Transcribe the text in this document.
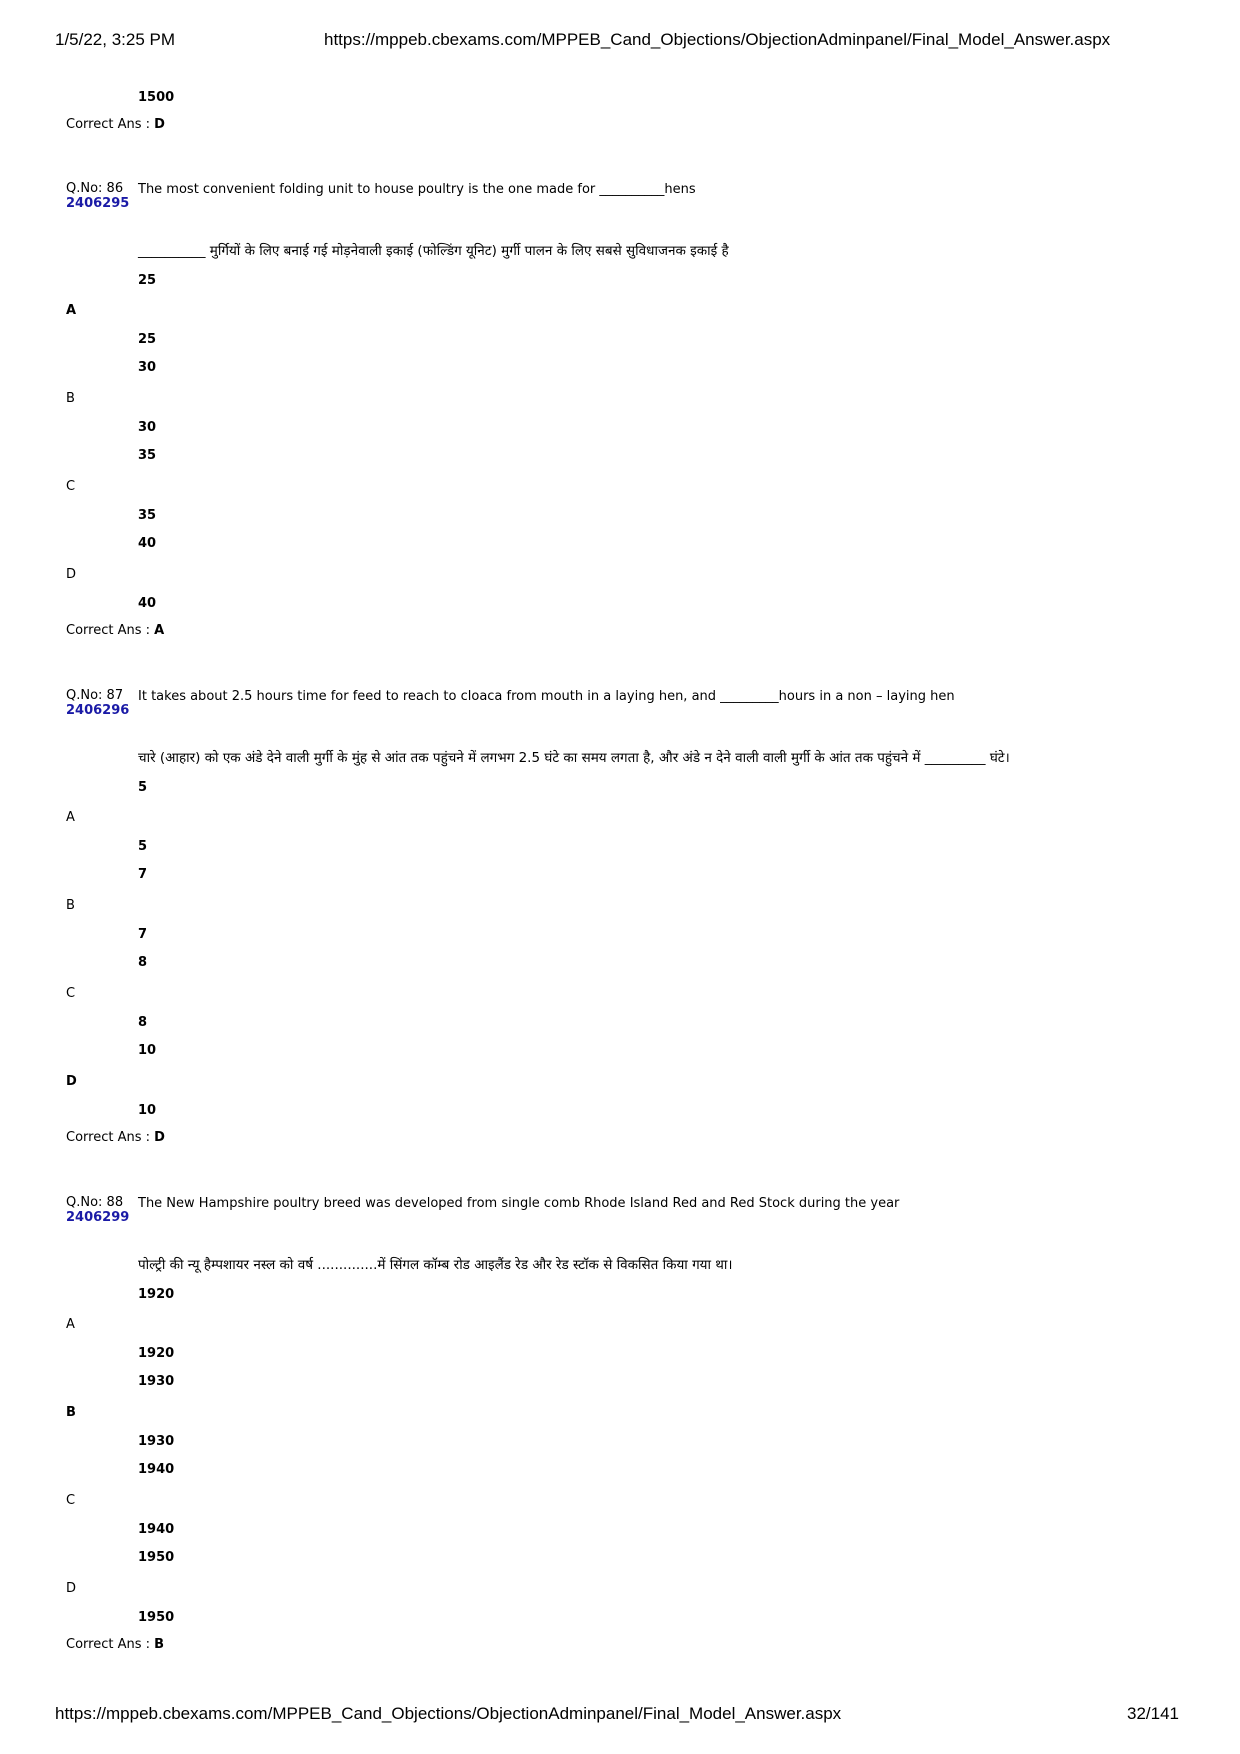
1/5/22, 3:25 PM	https://mppeb.cbexams.com/MPPEB_Cand_Objections/ObjectionAdminpanel/Final_Model_Answer.aspx
1500
Correct Ans : D
Q.No: 86
2406295
The most convenient folding unit to house poultry is the one made for __________hens
__________ मुर्गियों के लिए बनाई गई मोड़नेवाली इकाई (फोल्डिंग यूनिट) मुर्गी पालन के लिए सबसे सुविधाजनक इकाई है
25
A
25
30
B
30
35
C
35
40
D
40
Correct Ans : A
Q.No: 87
2406296
It takes about 2.5 hours time for feed to reach to cloaca from mouth in a laying hen, and _________hours in a non – laying hen
चारे (आहार) को एक अंडे देने वाली मुर्गी के मुंह से आंत तक पहुंचने में लगभग 2.5 घंटे का समय लगता है, और अंडे न देने वाली वाली मुर्गी के आंत तक पहुंचने में _________ घंटे।
5
A
5
7
B
7
8
C
8
10
D
10
Correct Ans : D
Q.No: 88
2406299
The New Hampshire poultry breed was developed from single comb Rhode Island Red and Red Stock during the year
पोल्ट्री की न्यू हैम्पशायर नस्ल को वर्ष ..............में सिंगल कॉम्ब रोड आइलैंड रेड और रेड स्टॉक से विकसित किया गया था।
1920
A
1920
1930
B
1930
1940
C
1940
1950
D
1950
Correct Ans : B
https://mppeb.cbexams.com/MPPEB_Cand_Objections/ObjectionAdminpanel/Final_Model_Answer.aspx	32/141
